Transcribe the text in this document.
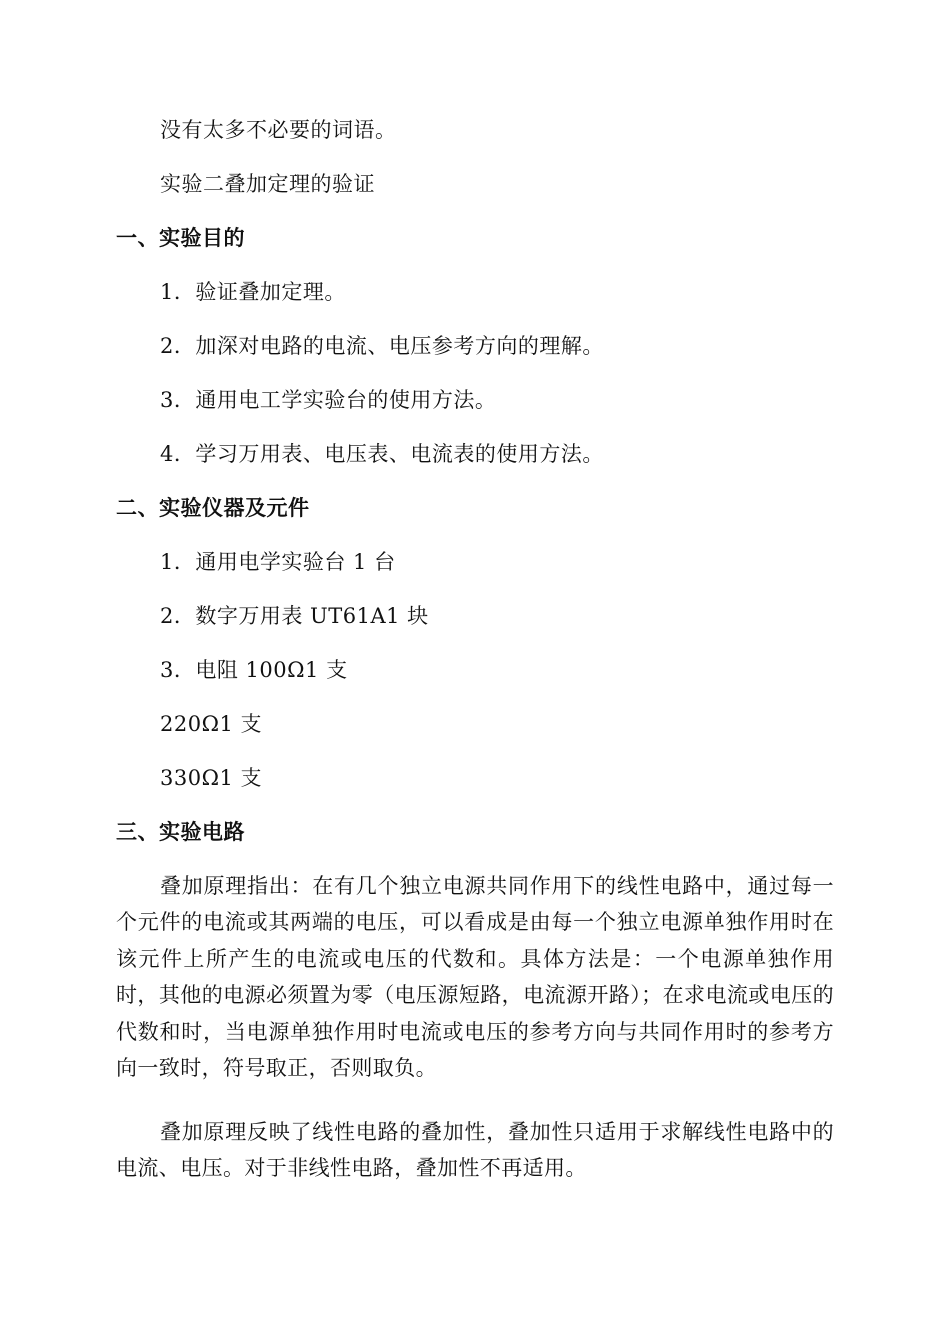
没有太多不必要的词语。
实验二叠加定理的验证
一、实验目的
1．验证叠加定理。
2．加深对电路的电流、电压参考方向的理解。
3．通用电工学实验台的使用方法。
4．学习万用表、电压表、电流表的使用方法。
二、实验仪器及元件
1．通用电学实验台 1 台
2．数字万用表 UT61A1 块
3．电阻 100Ω1 支
220Ω1 支
330Ω1 支
三、实验电路
叠加原理指出：在有几个独立电源共同作用下的线性电路中，通过每一个元件的电流或其两端的电压，可以看成是由每一个独立电源单独作用时在该元件上所产生的电流或电压的代数和。具体方法是：一个电源单独作用时，其他的电源必须置为零（电压源短路，电流源开路）；在求电流或电压的代数和时，当电源单独作用时电流或电压的参考方向与共同作用时的参考方向一致时，符号取正，否则取负。
叠加原理反映了线性电路的叠加性，叠加性只适用于求解线性电路中的电流、电压。对于非线性电路，叠加性不再适用。
